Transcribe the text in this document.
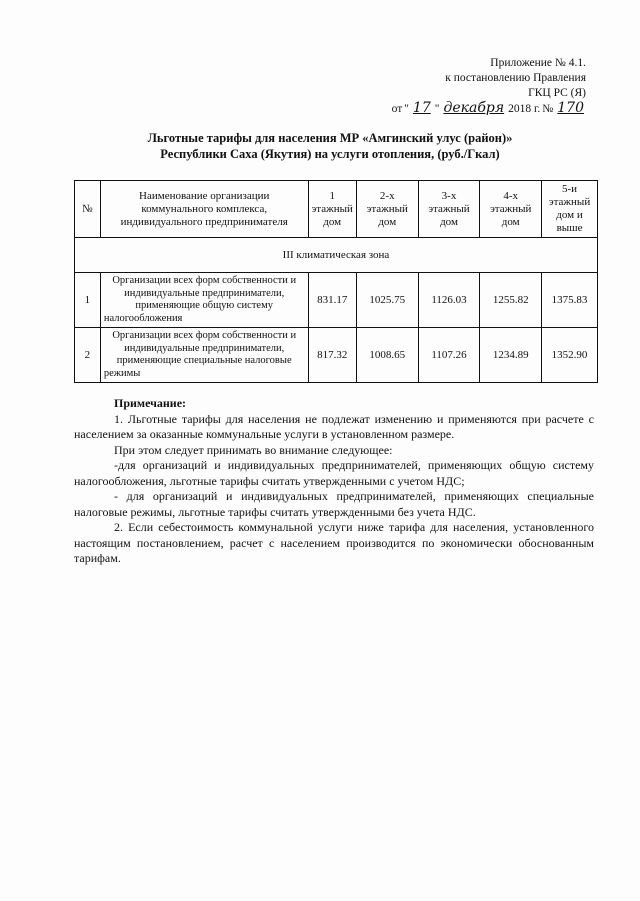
Приложение № 4.1.
к постановлению Правления
ГКЦ РС (Я)
от " 17 " декабря 2018 г. № 170
Льготные тарифы для населения МР «Амгинский улус (район)»
Республики Саха (Якутия) на услуги отопления, (руб./Гкал)
№	Наименование организации коммунального комплекса, индивидуального предпринимателя	1 этажный дом	2-х этажный дом	3-х этажный дом	4-х этажный дом	5-и этажный дом и выше
III климатическая зона						
1	Организации всех форм собственности и индивидуальные предприниматели, применяющие общую систему налогообложения	831.17	1025.75	1126.03	1255.82	1375.83
2	Организации всех форм собственности и индивидуальные предприниматели, применяющие специальные налоговые режимы	817.32	1008.65	1107.26	1234.89	1352.90
Примечание:

1. Льготные тарифы для населения не подлежат изменению и применяются при расчете с населением за оказанные коммунальные услуги в установленном размере.

При этом следует принимать во внимание следующее:

-для организаций и индивидуальных предпринимателей, применяющих общую систему налогообложения, льготные тарифы считать утвержденными с учетом НДС;

- для организаций и индивидуальных предпринимателей, применяющих специальные налоговые режимы, льготные тарифы считать утвержденными без учета НДС.

2. Если себестоимость коммунальной услуги ниже тарифа для населения, установленного настоящим постановлением, расчет с населением производится по экономически обоснованным тарифам.
